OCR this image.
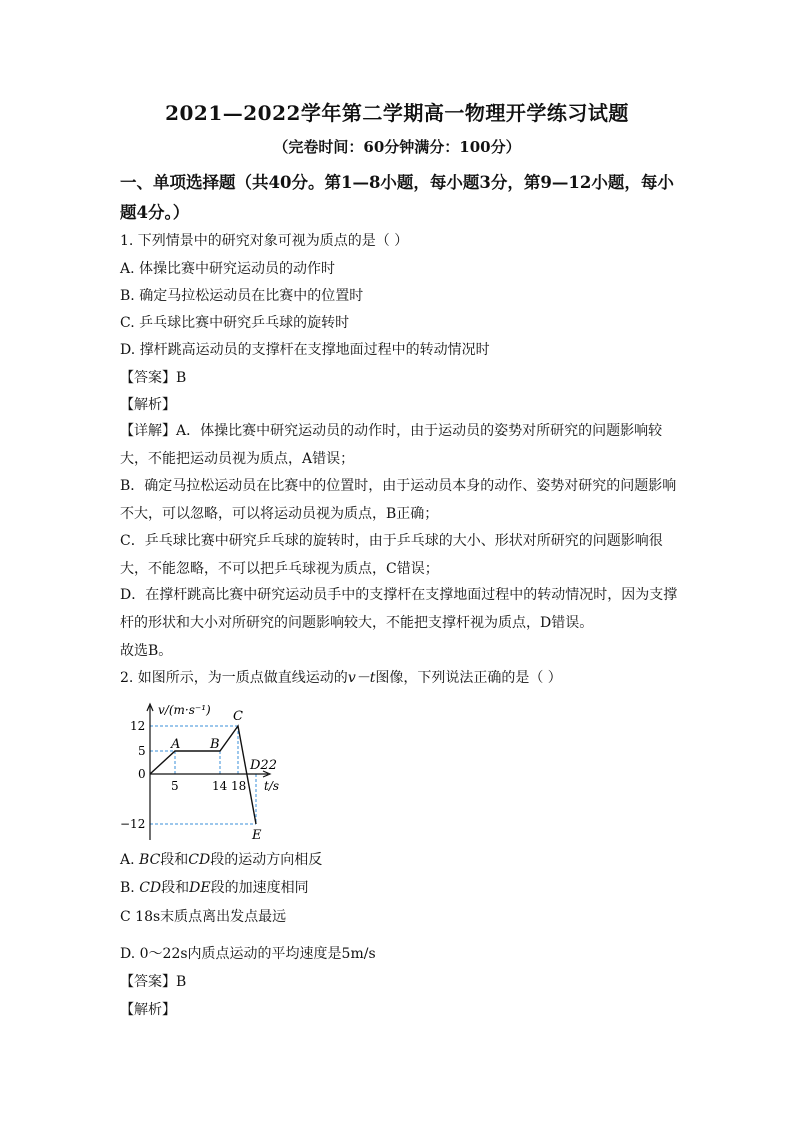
2021—2022学年第二学期高一物理开学练习试题
（完卷时间：60分钟满分：100分）
一、单项选择题（共40分。第1—8小题，每小题3分，第9—12小题，每小题4分。）
1. 下列情景中的研究对象可视为质点的是（ ）
A. 体操比赛中研究运动员的动作时
B. 确定马拉松运动员在比赛中的位置时
C. 乒乓球比赛中研究乒乓球的旋转时
D. 撑杆跳高运动员的支撑杆在支撑地面过程中的转动情况时
【答案】B
【解析】
【详解】A．体操比赛中研究运动员的动作时，由于运动员的姿势对所研究的问题影响较大，不能把运动员视为质点，A错误；
B．确定马拉松运动员在比赛中的位置时，由于运动员本身的动作、姿势对研究的问题影响不大，可以忽略，可以将运动员视为质点，B正确；
C．乒乓球比赛中研究乒乓球的旋转时，由于乒乓球的大小、形状对所研究的问题影响很大，不能忽略，不可以把乒乓球视为质点，C错误；
D．在撑杆跳高比赛中研究运动员手中的支撑杆在支撑地面过程中的转动情况时，因为支撑杆的形状和大小对所研究的问题影响较大，不能把支撑杆视为质点，D错误。
故选B。
2. 如图所示，为一质点做直线运动的v－t图像，下列说法正确的是（ ）
v/(m·s⁻¹)
12
5
0
−12
5	14 18 t/s
A B
C
D22
E
A. BC段和CD段的运动方向相反
B. CD段和DE段的加速度相同
C 18s末质点离出发点最远
D. 0～22s内质点运动的平均速度是5m/s
【答案】B
【解析】
